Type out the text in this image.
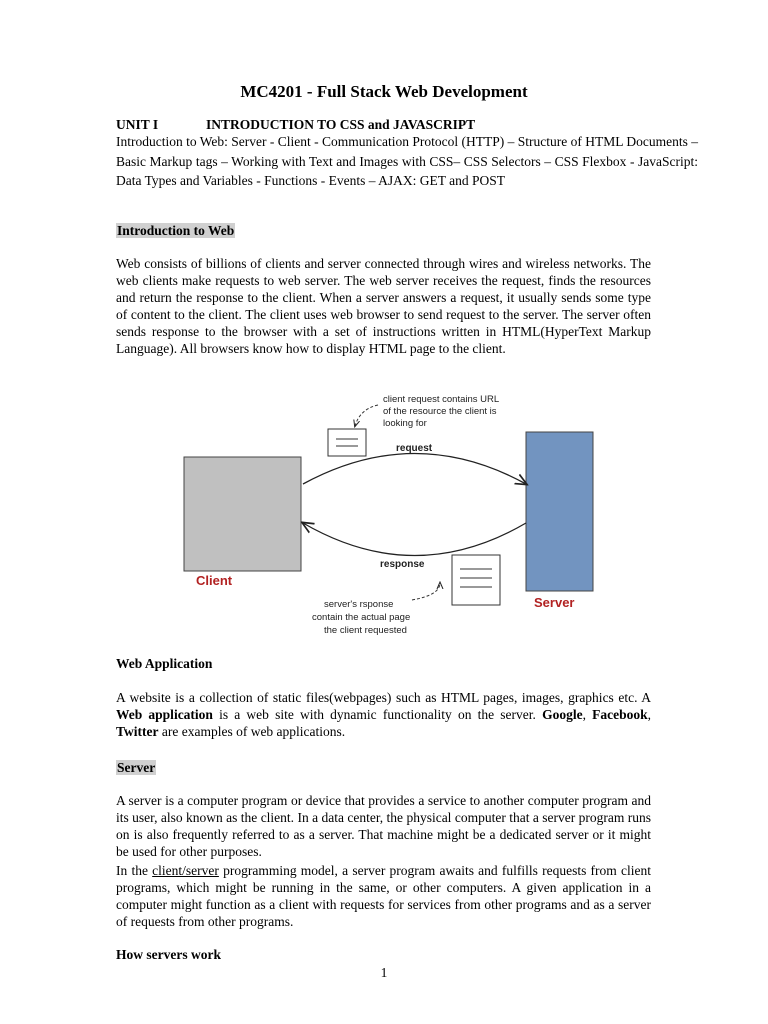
MC4201 - Full Stack Web Development
UNIT I	INTRODUCTION TO CSS and JAVASCRIPT

Introduction to Web: Server - Client - Communication Protocol (HTTP) – Structure of HTML Documents – Basic Markup tags – Working with Text and Images with CSS– CSS Selectors – CSS Flexbox - JavaScript: Data Types and Variables - Functions - Events – AJAX: GET and POST

Introduction to Web

Web consists of billions of clients and server connected through wires and wireless networks. The web clients make requests to web server. The web server receives the request, finds the resources and return the response to the client. When a server answers a request, it usually sends some type of content to the client. The client uses web browser to send request to the server. The server often sends response to the browser with a set of instructions written in HTML(HyperText Markup Language). All browsers know how to display HTML page to the client.

client request contains URL
of the resource the client is
looking for
request
response
server's rsponse
contain the actual page
the client requested
Client
Server
Web Application

A website is a collection of static files(webpages) such as HTML pages, images, graphics etc. A Web application is a web site with dynamic functionality on the server. Google, Facebook, Twitter are examples of web applications.

Server

A server is a computer program or device that provides a service to another computer program and its user, also known as the client. In a data center, the physical computer that a server program runs on is also frequently referred to as a server. That machine might be a dedicated server or it might be used for other purposes.

In the client/server programming model, a server program awaits and fulfills requests from client programs, which might be running in the same, or other computers. A given application in a computer might function as a client with requests for services from other programs and as a server of requests from other programs.

How servers work
1
